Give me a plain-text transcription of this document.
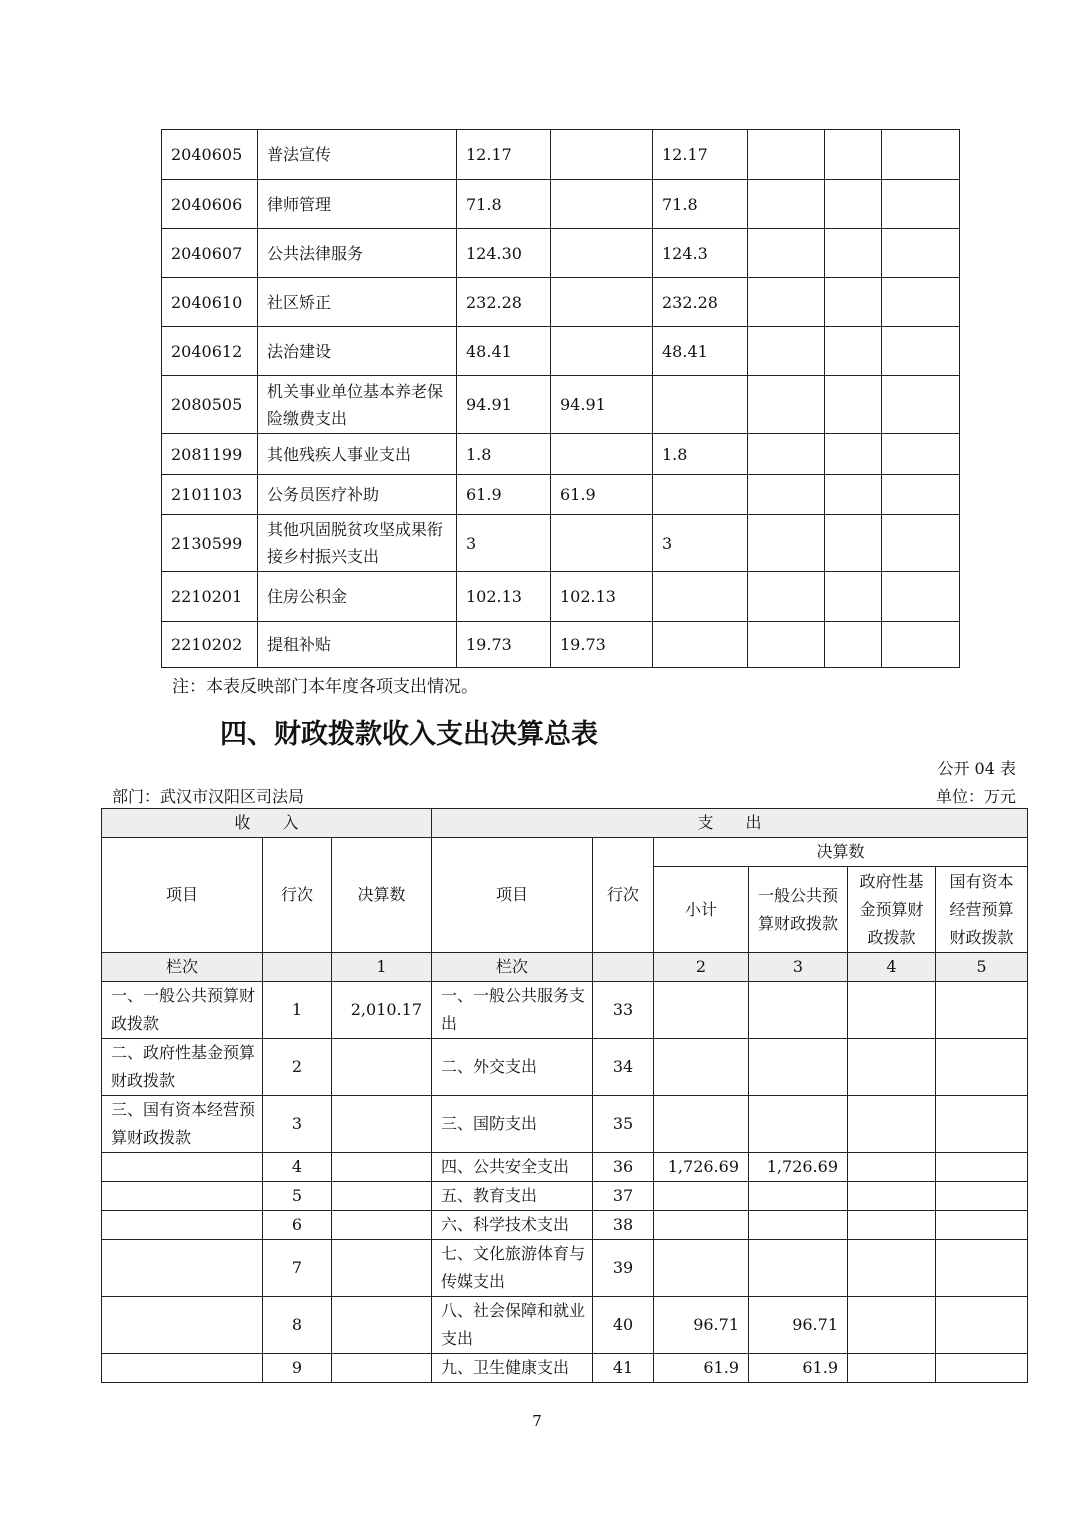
2040605	普法宣传	12.17		12.17			
2040606	律师管理	71.8		71.8			
2040607	公共法律服务	124.30		124.3			
2040610	社区矫正	232.28		232.28			
2040612	法治建设	48.41		48.41			
2080505	机关事业单位基本养老保险缴费支出	94.91	94.91				
2081199	其他残疾人事业支出	1.8		1.8			
2101103	公务员医疗补助	61.9	61.9				
2130599	其他巩固脱贫攻坚成果衔接乡村振兴支出	3		3			
2210201	住房公积金	102.13	102.13				
2210202	提租补贴	19.73	19.73				
注：本表反映部门本年度各项支出情况。
四、财政拨款收入支出决算总表
公开 04 表
部门：武汉市汉阳区司法局	单位：万元
收　　入			支　　出					
项目	行次	决算数	项目	行次	决算数			
					小计	一般公共预算财政拨款	政府性基金预算财政拨款	国有资本经营预算财政拨款
栏次		1	栏次		2	3	4	5
一、一般公共预算财政拨款	1	2,010.17	一、一般公共服务支出	33				
二、政府性基金预算财政拨款	2		二、外交支出	34				
三、国有资本经营预算财政拨款	3		三、国防支出	35				
	4		四、公共安全支出	36	1,726.69	1,726.69		
	5		五、教育支出	37				
	6		六、科学技术支出	38				
	7		七、文化旅游体育与传媒支出	39				
	8		八、社会保障和就业支出	40	96.71	96.71		
	9		九、卫生健康支出	41	61.9	61.9		
7
